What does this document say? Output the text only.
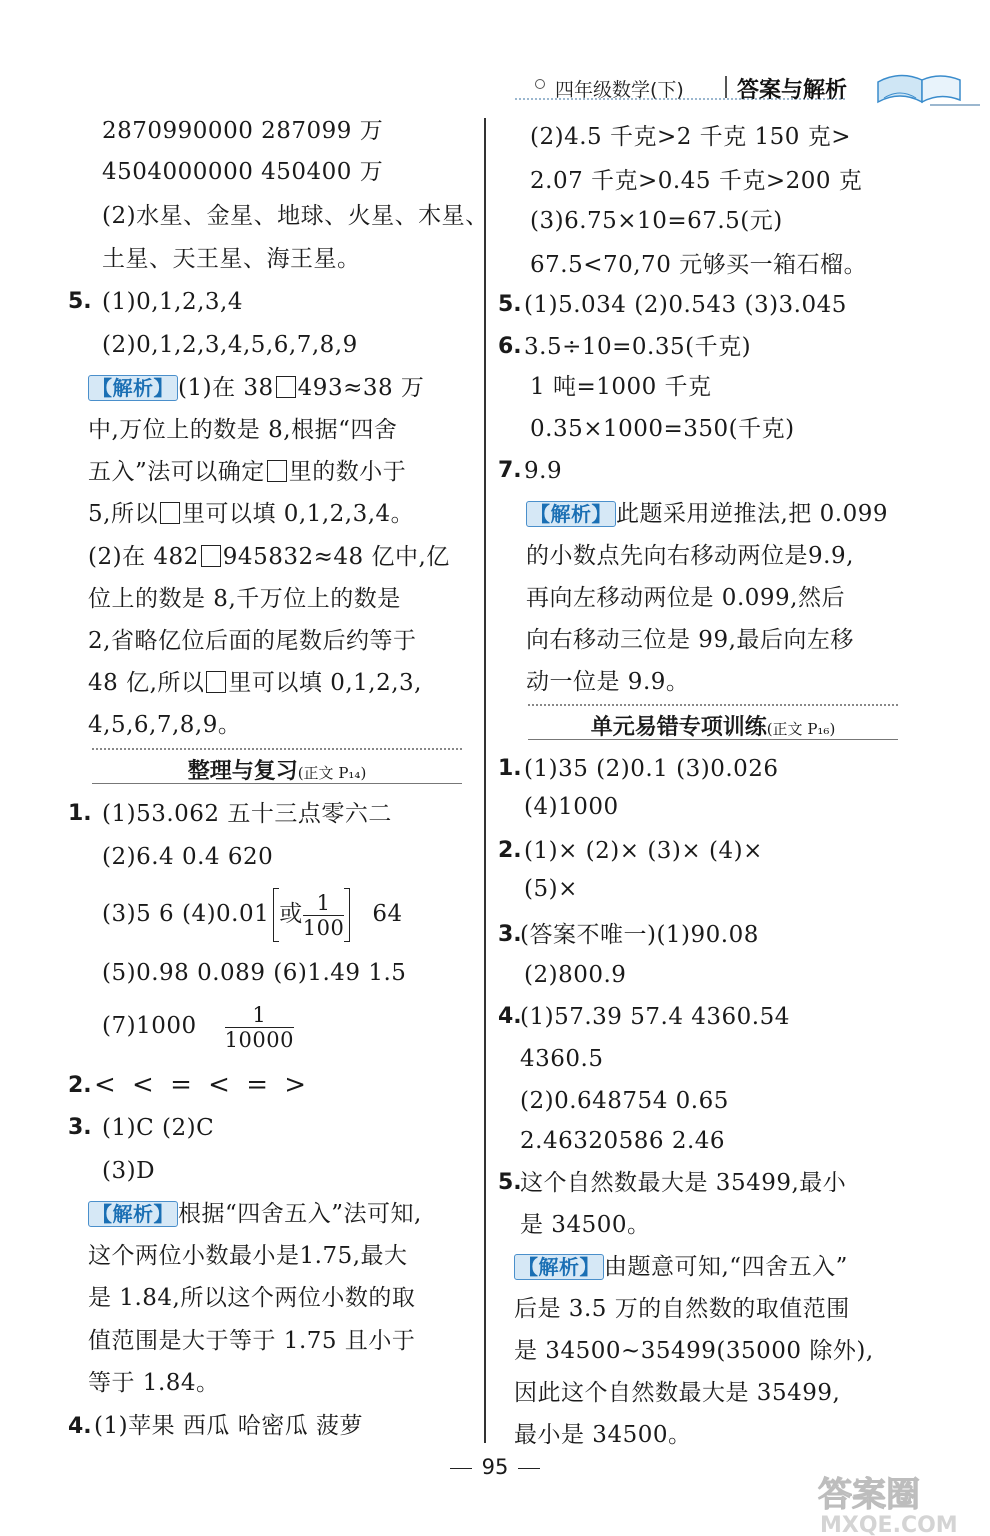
四年级数学(下) 答案与解析
2870990000 287099 万
4504000000 450400 万
(2)水星、金星、地球、火星、木星、
土星、天王星、海王星。
5. (1)0,1,2,3,4
(2)0,1,2,3,4,5,6,7,8,9
【解析】 (1)在 38 493≈38 万
中,万位上的数是 8,根据“四舍
五入”法可以确定 里的数小于
5,所以 里可以填 0,1,2,3,4。
(2)在 482 945832≈48 亿中,亿
位上的数是 8,千万位上的数是
2,省略亿位后面的尾数后约等于
48 亿,所以 里可以填 0,1,2,3,
4,5,6,7,8,9。
整理与复习(正文 P₁₄)
1. (1)53.062 五十三点零六二
(2)6.4 0.4 620
(3)5 6 (4)0.01 或 $\frac{1}{100} 64$
(5)0.98 0.089 (6)1.49 1.5
$(7)1000 \frac{1}{10000}$
2. < < = < = >
3. (1)C (2)C
(3)D
【解析】 根据“四舍五入”法可知,
这个两位小数最小是1.75,最大
是 1.84,所以这个两位小数的取
值范围是大于等于 1.75 且小于
等于 1.84。
4. (1)苹果 西瓜 哈密瓜 菠萝
(2)4.5 千克>2 千克 150 克>
2.07 千克>0.45 千克>200 克
(3)6.75×10=67.5(元)
67.5<70,70 元够买一箱石榴。
5. (1)5.034 (2)0.543 (3)3.045
6. 3.5÷10=0.35(千克)
1 吨=1000 千克
0.35×1000=350(千克)
7. 9.9
【解析】 此题采用逆推法,把 0.099
的小数点先向右移动两位是9.9,
再向左移动两位是 0.099,然后
向右移动三位是 99,最后向左移
动一位是 9.9。
单元易错专项训练(正文 P₁₆)
1. (1)35 (2)0.1 (3)0.026
(4)1000
2. (1)× (2)× (3)× (4)×
(5)×
3.
(答案不唯一)(1)90.08
(2)800.9
4.
(1)57.39 57.4 4360.54
4360.5
(2)0.648754 0.65
2.46320586 2.46
5.
这个自然数最大是 35499,最小
是 34500。
【解析】 由题意可知,“四舍五入”
后是 3.5 万的自然数的取值范围
是 34500~35499(35000 除外),
因此这个自然数最大是 35499,
最小是 34500。
95
答案圈
MXQE.COM
